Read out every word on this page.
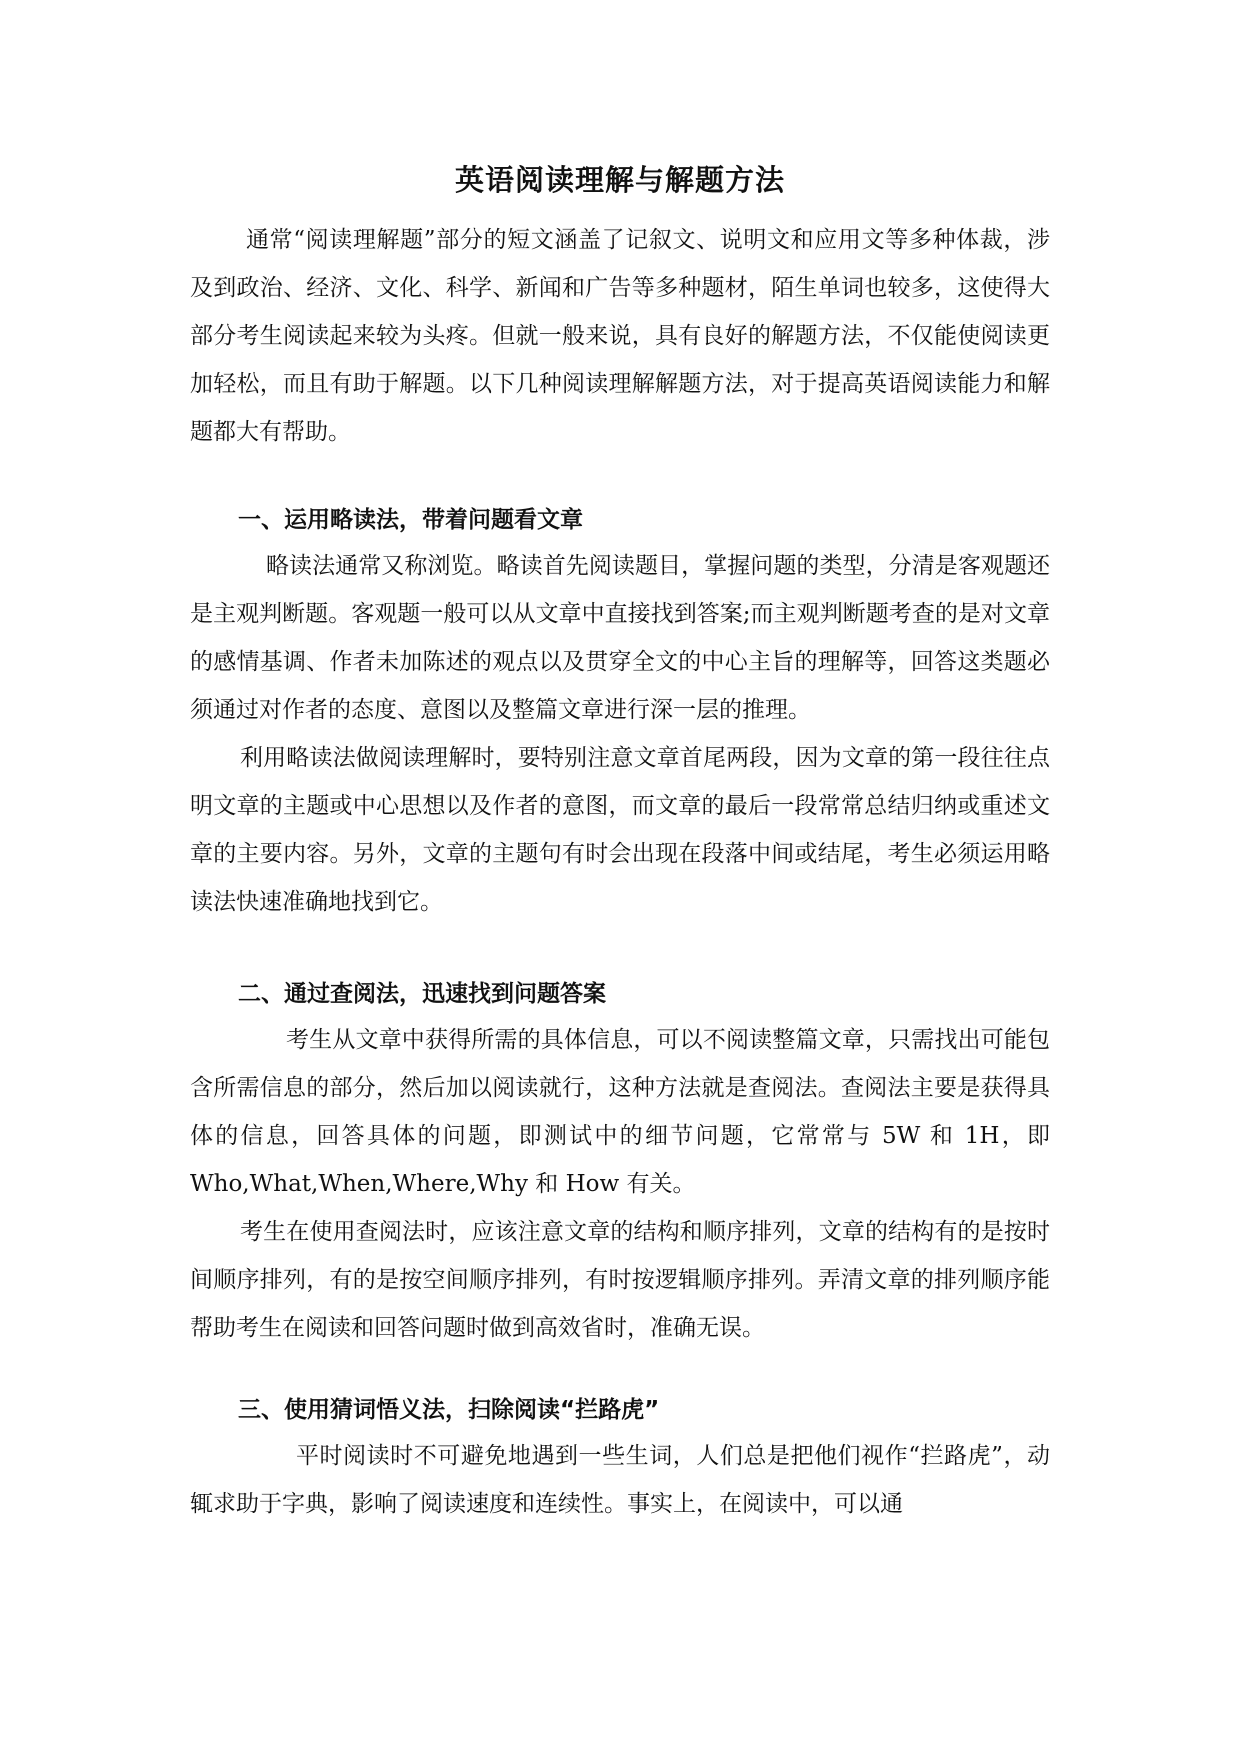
英语阅读理解与解题方法

通常“阅读理解题”部分的短文涵盖了记叙文、说明文和应用文等多种体裁，涉及到政治、经济、文化、科学、新闻和广告等多种题材，陌生单词也较多，这使得大部分考生阅读起来较为头疼。但就一般来说，具有良好的解题方法，不仅能使阅读更加轻松，而且有助于解题。以下几种阅读理解解题方法，对于提高英语阅读能力和解题都大有帮助。

一、运用略读法，带着问题看文章

略读法通常又称浏览。略读首先阅读题目，掌握问题的类型，分清是客观题还是主观判断题。客观题一般可以从文章中直接找到答案;而主观判断题考查的是对文章的感情基调、作者未加陈述的观点以及贯穿全文的中心主旨的理解等，回答这类题必须通过对作者的态度、意图以及整篇文章进行深一层的推理。

利用略读法做阅读理解时，要特别注意文章首尾两段，因为文章的第一段往往点明文章的主题或中心思想以及作者的意图，而文章的最后一段常常总结归纳或重述文章的主要内容。另外，文章的主题句有时会出现在段落中间或结尾，考生必须运用略读法快速准确地找到它。

二、通过查阅法，迅速找到问题答案

考生从文章中获得所需的具体信息，可以不阅读整篇文章，只需找出可能包含所需信息的部分，然后加以阅读就行，这种方法就是查阅法。查阅法主要是获得具体的信息，回答具体的问题，即测试中的细节问题，它常常与 5W 和 1H，即 Who,What,When,Where,Why 和 How 有关。

考生在使用查阅法时，应该注意文章的结构和顺序排列，文章的结构有的是按时间顺序排列，有的是按空间顺序排列，有时按逻辑顺序排列。弄清文章的排列顺序能帮助考生在阅读和回答问题时做到高效省时，准确无误。

三、使用猜词悟义法，扫除阅读“拦路虎”

平时阅读时不可避免地遇到一些生词，人们总是把他们视作“拦路虎”，动辄求助于字典，影响了阅读速度和连续性。事实上，在阅读中，可以通
